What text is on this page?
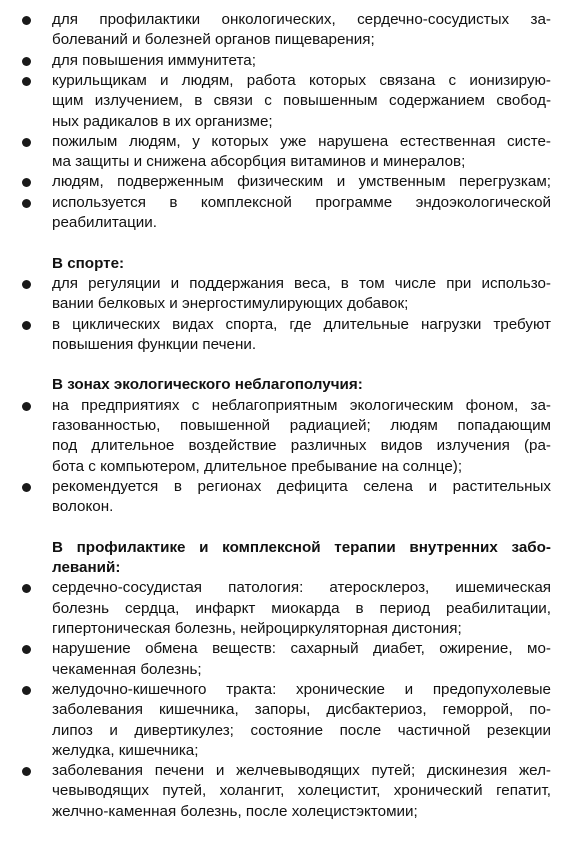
для профилактики онкологических, сердечно-сосудистых за-
болеваний и болезней органов пищеварения;
для повышения иммунитета;
курильщикам и людям, работа которых связана с ионизирую-
щим излучением, в связи с повышенным содержанием свобод-
ных радикалов в их организме;
пожилым людям, у которых уже нарушена естественная систе-
ма защиты и снижена абсорбция витаминов и минералов;
людям, подверженным физическим и умственным перегрузкам;
используется в комплексной программе эндоэкологической
реабилитации.
В спорте:
для регуляции и поддержания веса, в том числе при использо-
вании белковых и энергостимулирующих добавок;
в циклических видах спорта, где длительные нагрузки требуют
повышения функции печени.
В зонах экологического неблагополучия:
на предприятиях с неблагоприятным экологическим фоном, за-
газованностью, повышенной радиацией; людям попадающим
под длительное воздействие различных видов излучения (ра-
бота с компьютером, длительное пребывание на солнце);
рекомендуется в регионах дефицита селена и растительных
волокон.
В профилактике и комплексной терапии внутренних забо-
леваний:
сердечно-сосудистая патология: атеросклероз, ишемическая
болезнь сердца, инфаркт миокарда в период реабилитации,
гипертоническая болезнь, нейроциркуляторная дистония;
нарушение обмена веществ: сахарный диабет, ожирение, мо-
чекаменная болезнь;
желудочно-кишечного тракта: хронические и предопухолевые
заболевания кишечника, запоры, дисбактериоз, геморрой, по-
липоз и дивертикулез; состояние после частичной резекции
желудка, кишечника;
заболевания печени и желчевыводящих путей; дискинезия жел-
чевыводящих путей, холангит, холецистит, хронический гепатит,
желчно-каменная болезнь, после холецистэктомии;
